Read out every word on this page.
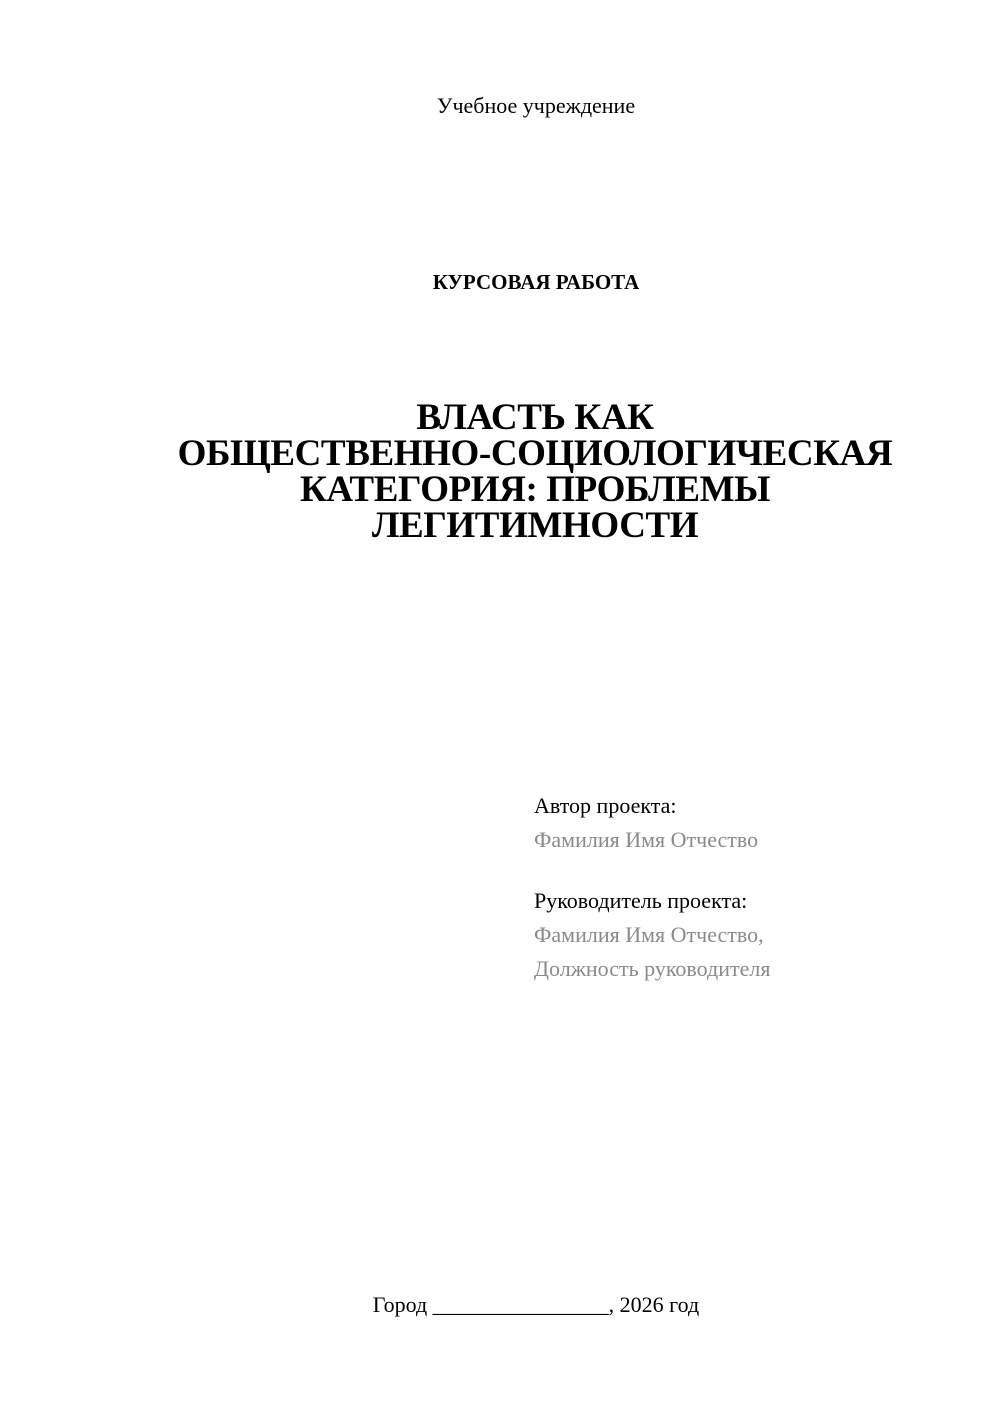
Учебное учреждение
КУРСОВАЯ РАБОТА
ВЛАСТЬ КАК
ОБЩЕСТВЕННО-СОЦИОЛОГИЧЕСКАЯ
КАТЕГОРИЯ: ПРОБЛЕМЫ
ЛЕГИТИМНОСТИ
Автор проекта:
Фамилия Имя Отчество
Руководитель проекта:
Фамилия Имя Отчество,
Должность руководителя
Город ________________, 2026 год
